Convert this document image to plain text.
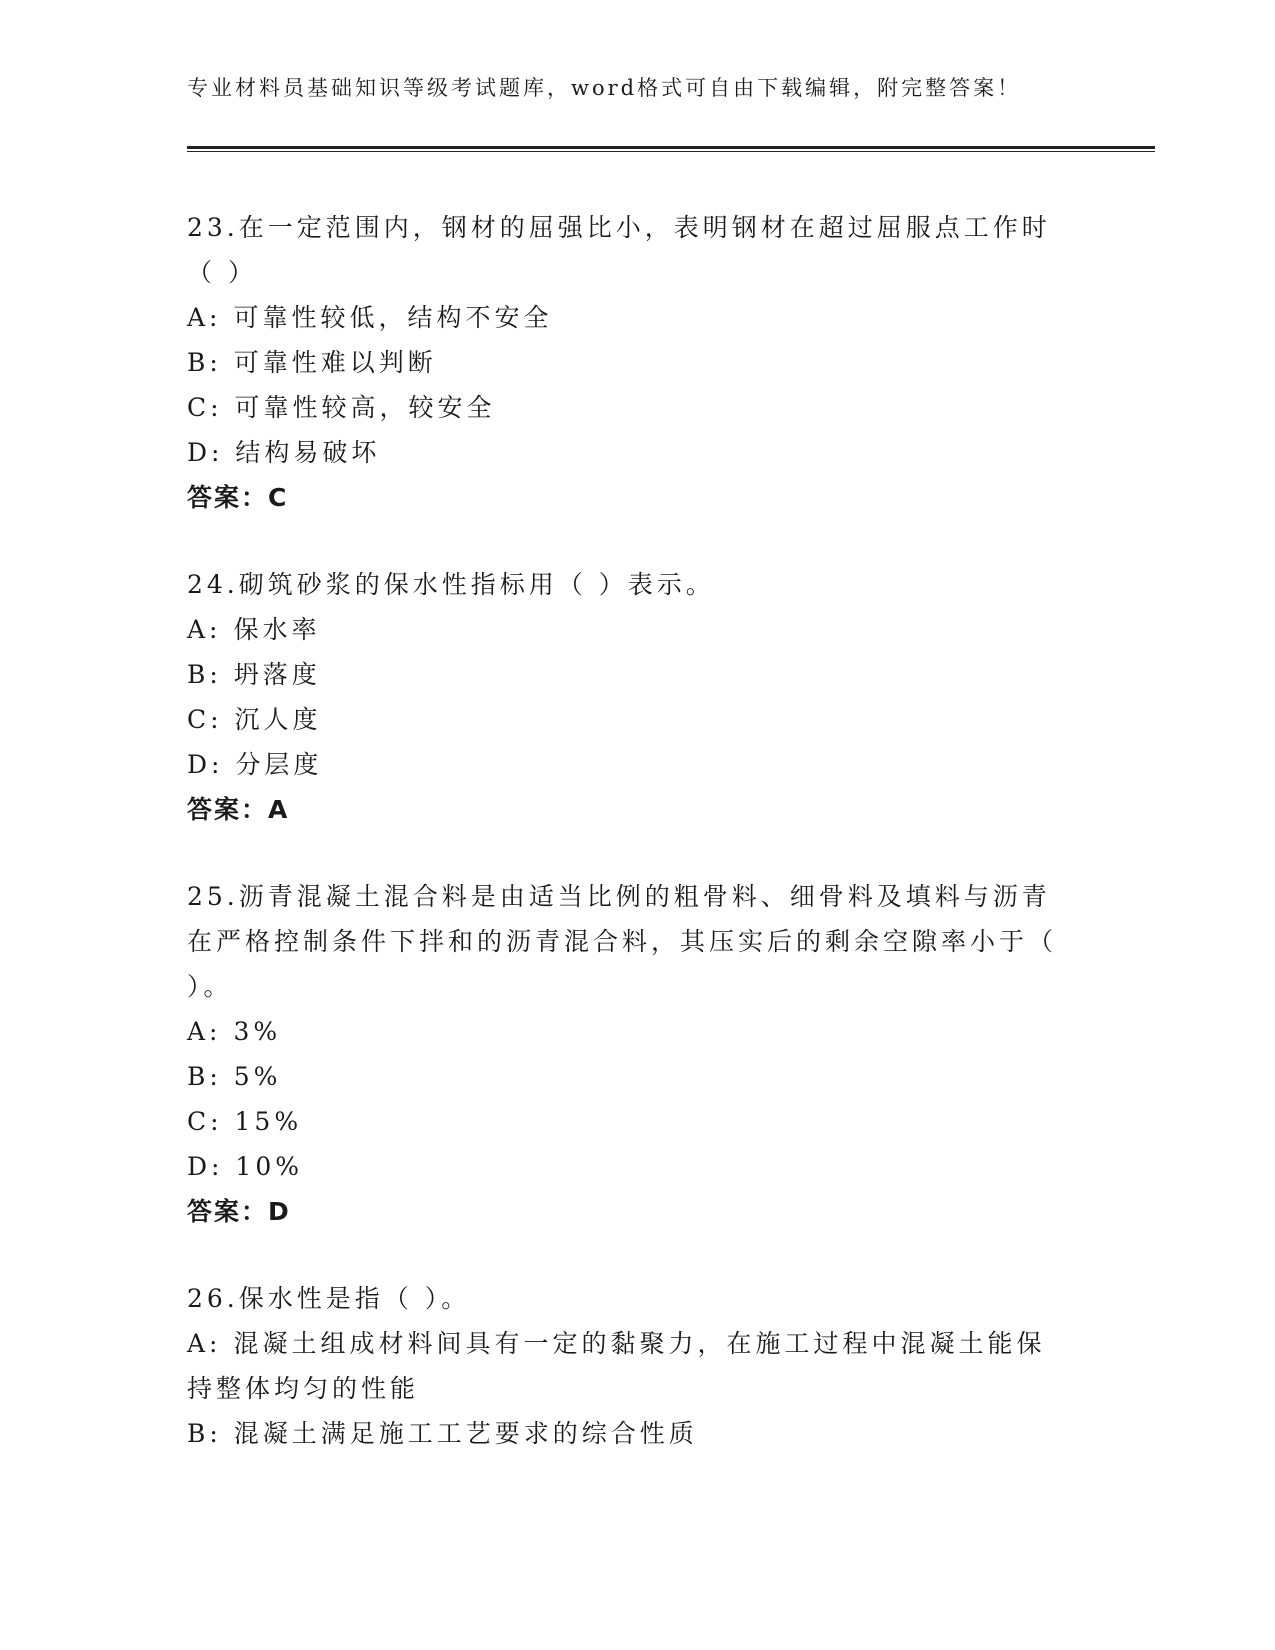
专业材料员基础知识等级考试题库，word格式可自由下载编辑，附完整答案！
23.在一定范围内，钢材的屈强比小，表明钢材在超过屈服点工作时（ ）
A: 可靠性较低，结构不安全
B: 可靠性难以判断
C: 可靠性较高，较安全
D: 结构易破坏
答案：C
24.砌筑砂浆的保水性指标用（ ）表示。
A: 保水率
B: 坍落度
C: 沉人度
D: 分层度
答案：A
25.沥青混凝土混合料是由适当比例的粗骨料、细骨料及填料与沥青在严格控制条件下拌和的沥青混合料，其压实后的剩余空隙率小于（ ）。
A: 3%
B: 5%
C: 15%
D: 10%
答案：D
26.保水性是指（ ）。
A: 混凝土组成材料间具有一定的黏聚力，在施工过程中混凝土能保持整体均匀的性能
B: 混凝土满足施工工艺要求的综合性质
